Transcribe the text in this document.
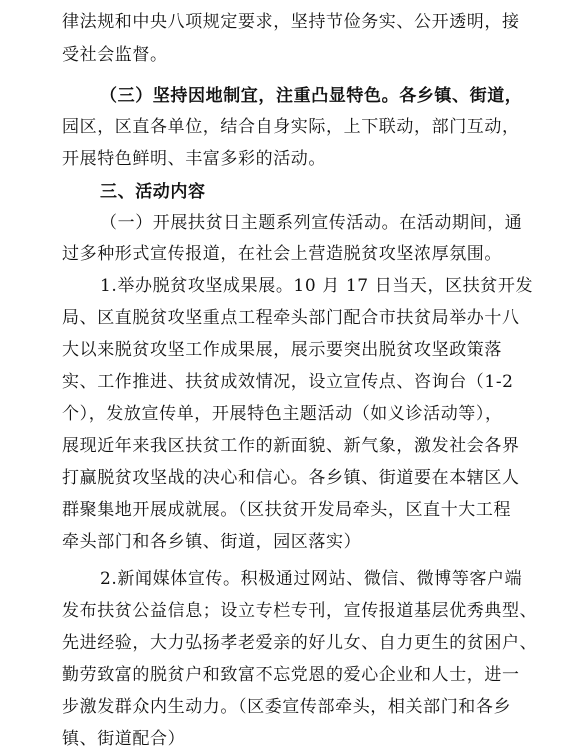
律法规和中央八项规定要求，坚持节俭务实、公开透明，接
受社会监督。
（三）坚持因地制宜，注重凸显特色。各乡镇、街道，
园区，区直各单位，结合自身实际，上下联动，部门互动，
开展特色鲜明、丰富多彩的活动。
三、活动内容
（一）开展扶贫日主题系列宣传活动。在活动期间，通
过多种形式宣传报道，在社会上营造脱贫攻坚浓厚氛围。
1.举办脱贫攻坚成果展。10 月 17 日当天，区扶贫开发
局、区直脱贫攻坚重点工程牵头部门配合市扶贫局举办十八
大以来脱贫攻坚工作成果展，展示要突出脱贫攻坚政策落
实、工作推进、扶贫成效情况，设立宣传点、咨询台（1-2
个），发放宣传单，开展特色主题活动（如义诊活动等），
展现近年来我区扶贫工作的新面貌、新气象，激发社会各界
打赢脱贫攻坚战的决心和信心。各乡镇、街道要在本辖区人
群聚集地开展成就展。（区扶贫开发局牵头，区直十大工程
牵头部门和各乡镇、街道，园区落实）
2.新闻媒体宣传。积极通过网站、微信、微博等客户端
发布扶贫公益信息；设立专栏专刊，宣传报道基层优秀典型、
先进经验，大力弘扬孝老爱亲的好儿女、自力更生的贫困户、
勤劳致富的脱贫户和致富不忘党恩的爱心企业和人士，进一
步激发群众内生动力。（区委宣传部牵头，相关部门和各乡
镇、街道配合）
